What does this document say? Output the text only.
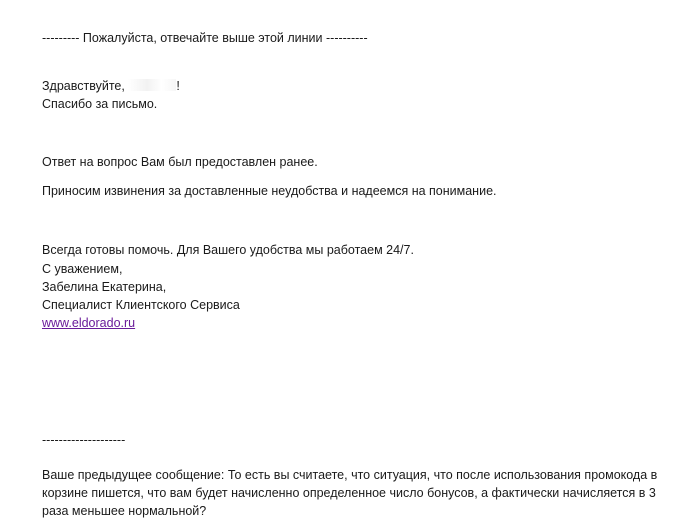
--------- Пожалуйста, отвечайте выше этой линии ----------
Здравствуйте,	!
Спасибо за письмо.
Ответ на вопрос Вам был предоставлен ранее.
Приносим извинения за доставленные неудобства и надеемся на понимание.
Всегда готовы помочь. Для Вашего удобства мы работаем 24/7.
С уважением,
Забелина Екатерина,
Специалист Клиентского Сервиса
www.eldorado.ru
--------------------
Ваше предыдущее сообщение: То есть вы считаете, что ситуация, что после использования промокода в корзине пишется, что вам будет начисленно определенное число бонусов, а фактически начисляется в 3 раза меньшее нормальной?
